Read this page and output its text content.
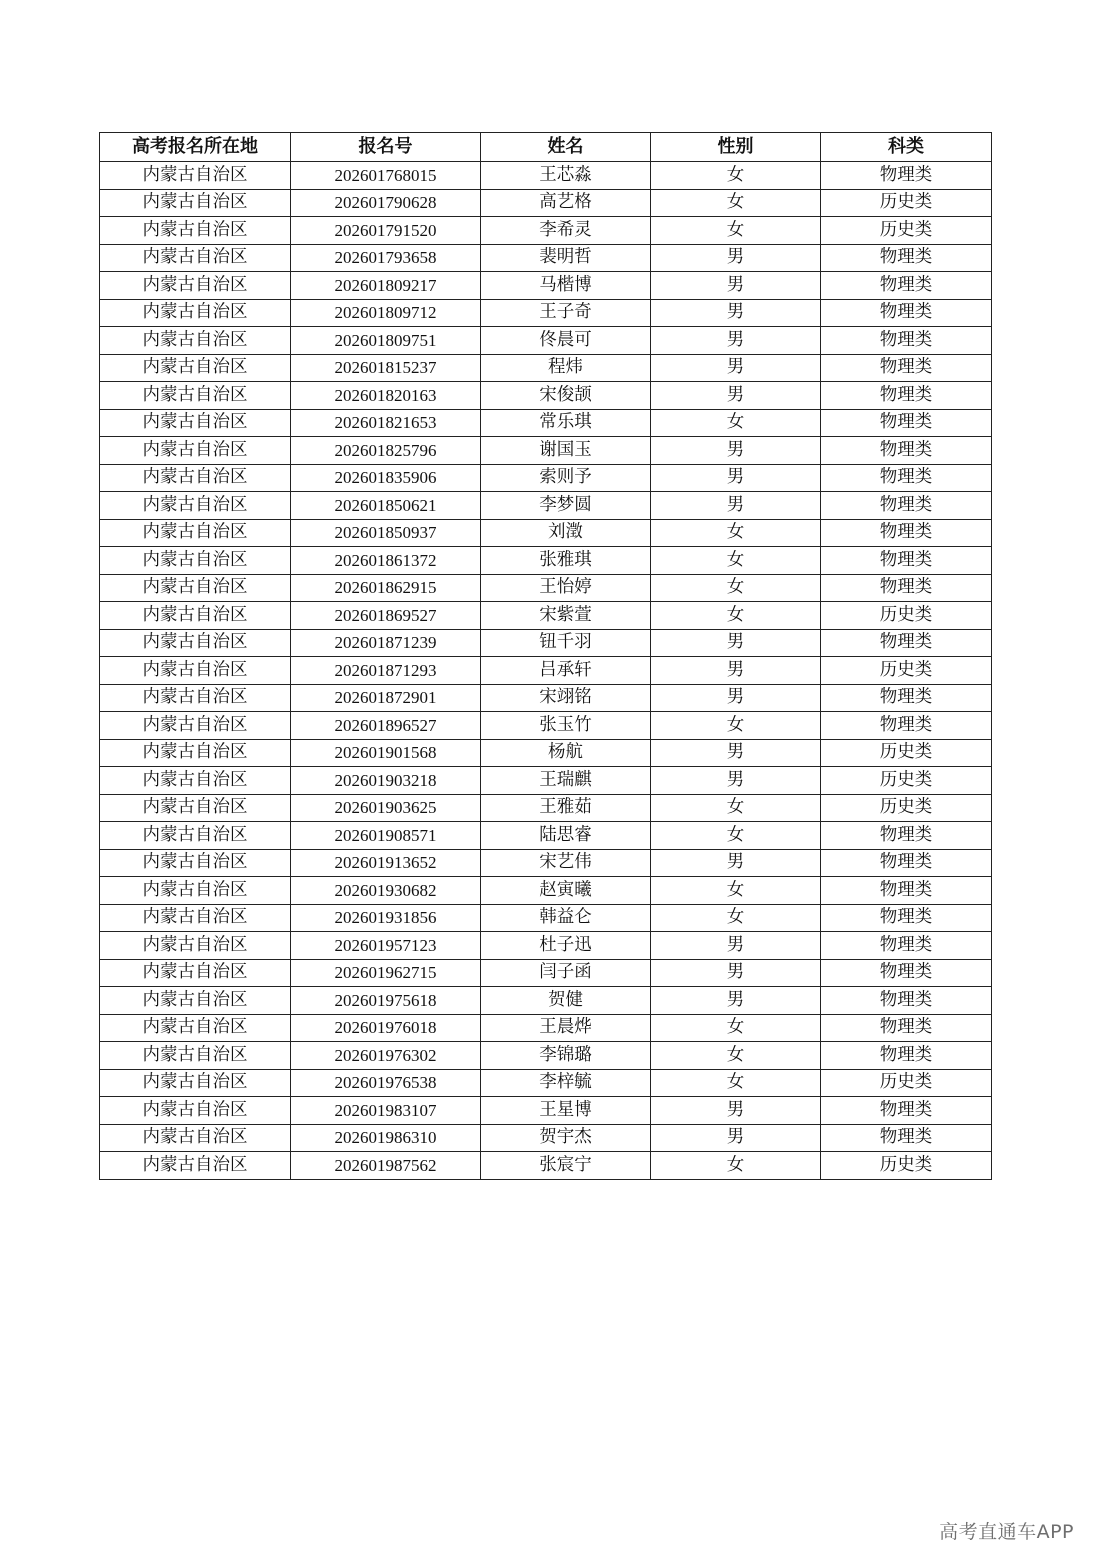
高考报名所在地	报名号	姓名	性别	科类
内蒙古自治区	202601768015	王芯淼	女	物理类
内蒙古自治区	202601790628	高艺格	女	历史类
内蒙古自治区	202601791520	李希灵	女	历史类
内蒙古自治区	202601793658	裴明哲	男	物理类
内蒙古自治区	202601809217	马楷博	男	物理类
内蒙古自治区	202601809712	王子奇	男	物理类
内蒙古自治区	202601809751	佟晨可	男	物理类
内蒙古自治区	202601815237	程炜	男	物理类
内蒙古自治区	202601820163	宋俊颉	男	物理类
内蒙古自治区	202601821653	常乐琪	女	物理类
内蒙古自治区	202601825796	谢国玉	男	物理类
内蒙古自治区	202601835906	索则予	男	物理类
内蒙古自治区	202601850621	李梦圆	男	物理类
内蒙古自治区	202601850937	刘澂	女	物理类
内蒙古自治区	202601861372	张雅琪	女	物理类
内蒙古自治区	202601862915	王怡婷	女	物理类
内蒙古自治区	202601869527	宋紫萱	女	历史类
内蒙古自治区	202601871239	钮千羽	男	物理类
内蒙古自治区	202601871293	吕承轩	男	历史类
内蒙古自治区	202601872901	宋翊铭	男	物理类
内蒙古自治区	202601896527	张玉竹	女	物理类
内蒙古自治区	202601901568	杨航	男	历史类
内蒙古自治区	202601903218	王瑞麒	男	历史类
内蒙古自治区	202601903625	王雅茹	女	历史类
内蒙古自治区	202601908571	陆思睿	女	物理类
内蒙古自治区	202601913652	宋艺伟	男	物理类
内蒙古自治区	202601930682	赵寅曦	女	物理类
内蒙古自治区	202601931856	韩益仑	女	物理类
内蒙古自治区	202601957123	杜子迅	男	物理类
内蒙古自治区	202601962715	闫子函	男	物理类
内蒙古自治区	202601975618	贺健	男	物理类
内蒙古自治区	202601976018	王晨烨	女	物理类
内蒙古自治区	202601976302	李锦璐	女	物理类
内蒙古自治区	202601976538	李梓毓	女	历史类
内蒙古自治区	202601983107	王星博	男	物理类
内蒙古自治区	202601986310	贺宇杰	男	物理类
内蒙古自治区	202601987562	张宸宁	女	历史类
高考直通车APP
